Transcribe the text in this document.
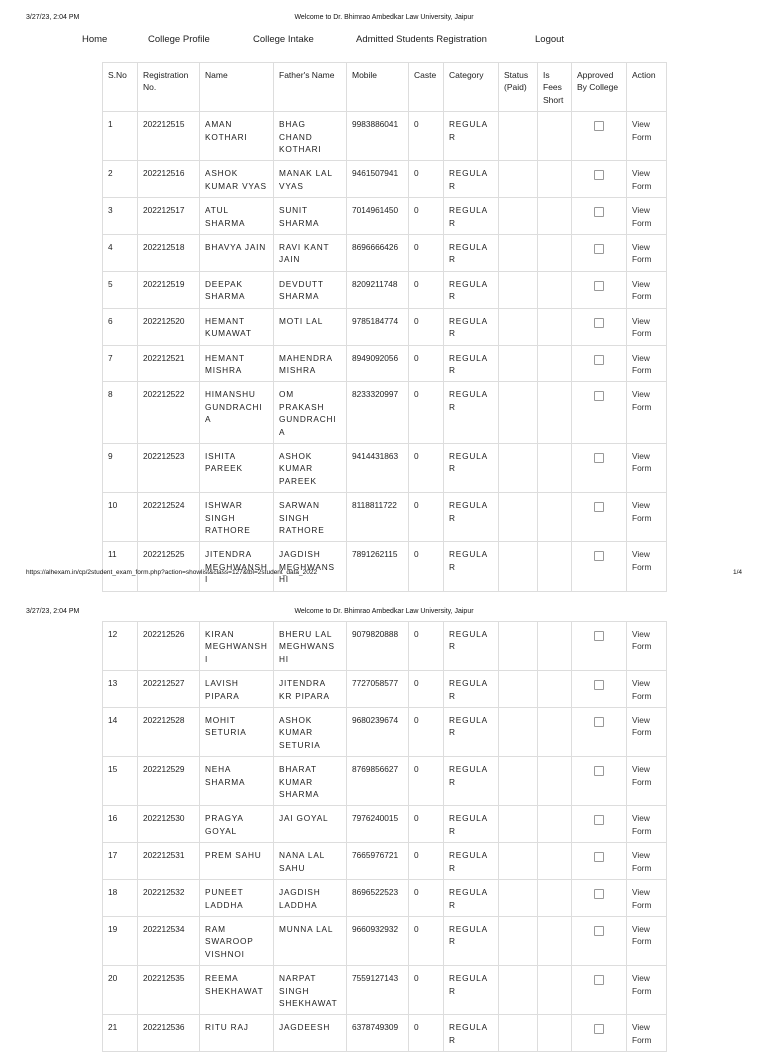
3/27/23, 2:04 PM	Welcome to Dr. Bhimrao Ambedkar Law University, Jaipur
Home	College Profile	College Intake	Admitted Students Registration	Logout
S.No	Registration No.	Name	Father's Name	Mobile	Caste	Category	Status (Paid)	Is Fees Short	Approved By College	Action
1	202212515	AMAN KOTHARI	BHAG CHAND KOTHARI	9983886041	0	REGULAR				View Form
2	202212516	ASHOK KUMAR VYAS	MANAK LAL VYAS	9461507941	0	REGULAR				View Form
3	202212517	ATUL SHARMA	SUNIT SHARMA	7014961450	0	REGULAR				View Form
4	202212518	BHAVYA JAIN	RAVI KANT JAIN	8696666426	0	REGULAR				View Form
5	202212519	DEEPAK SHARMA	DEVDUTT SHARMA	8209211748	0	REGULAR				View Form
6	202212520	HEMANT KUMAWAT	MOTI LAL	9785184774	0	REGULAR				View Form
7	202212521	HEMANT MISHRA	MAHENDRA MISHRA	8949092056	0	REGULAR				View Form
8	202212522	HIMANSHU GUNDRACHIA	OM PRAKASH GUNDRACHIA	8233320997	0	REGULAR				View Form
9	202212523	ISHITA PAREEK	ASHOK KUMAR PAREEK	9414431863	0	REGULAR				View Form
10	202212524	ISHWAR SINGH RATHORE	SARWAN SINGH RATHORE	8118811722	0	REGULAR				View Form
11	202212525	JITENDRA MEGHWANSHI	JAGDISH MEGHWANSHI	7891262115	0	REGULAR				View Form
https://alhexam.in/cp/2student_exam_form.php?action=showlist&class=127&tbl=2student_data_2022	1/4
3/27/23, 2:04 PM	Welcome to Dr. Bhimrao Ambedkar Law University, Jaipur
12	202212526	KIRAN MEGHWANSHI	BHERU LAL MEGHWANSHI	9079820888	0	REGULAR				View Form
13	202212527	LAVISH PIPARA	JITENDRA KR PIPARA	7727058577	0	REGULAR				View Form
14	202212528	MOHIT SETURIA	ASHOK KUMAR SETURIA	9680239674	0	REGULAR				View Form
15	202212529	NEHA SHARMA	BHARAT KUMAR SHARMA	8769856627	0	REGULAR				View Form
16	202212530	PRAGYA GOYAL	JAI GOYAL	7976240015	0	REGULAR				View Form
17	202212531	PREM SAHU	NANA LAL SAHU	7665976721	0	REGULAR				View Form
18	202212532	PUNEET LADDHA	JAGDISH LADDHA	8696522523	0	REGULAR				View Form
19	202212534	RAM SWAROOP VISHNOI	MUNNA LAL	9660932932	0	REGULAR				View Form
20	202212535	REEMA SHEKHAWAT	NARPAT SINGH SHEKHAWAT	7559127143	0	REGULAR				View Form
21	202212536	RITU RAJ	JAGDEESH	6378749309	0	REGULAR				View Form
